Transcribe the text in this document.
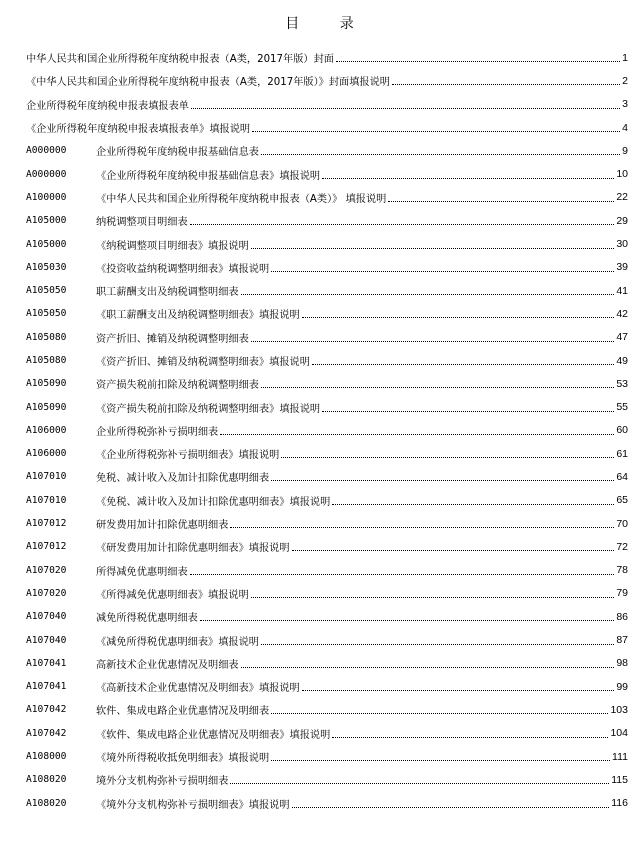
目 录
中华人民共和国企业所得税年度纳税申报表（A类，2017年版）封面	1
《中华人民共和国企业所得税年度纳税申报表（A类，2017年版）》封面填报说明	2
企业所得税年度纳税申报表填报表单	3
《企业所得税年度纳税申报表填报表单》填报说明	4
A000000	企业所得税年度纳税申报基础信息表	9
A000000	《企业所得税年度纳税申报基础信息表》填报说明	10
A100000	《中华人民共和国企业所得税年度纳税申报表（A类）》 填报说明	22
A105000	纳税调整项目明细表	29
A105000	《纳税调整项目明细表》填报说明	30
A105030	《投资收益纳税调整明细表》填报说明	39
A105050	职工薪酬支出及纳税调整明细表	41
A105050	《职工薪酬支出及纳税调整明细表》填报说明	42
A105080	资产折旧、摊销及纳税调整明细表	47
A105080	《资产折旧、摊销及纳税调整明细表》填报说明	49
A105090	资产损失税前扣除及纳税调整明细表	53
A105090	《资产损失税前扣除及纳税调整明细表》填报说明	55
A106000	企业所得税弥补亏损明细表	60
A106000	《企业所得税弥补亏损明细表》填报说明	61
A107010	免税、减计收入及加计扣除优惠明细表	64
A107010	《免税、减计收入及加计扣除优惠明细表》填报说明	65
A107012	研发费用加计扣除优惠明细表	70
A107012	《研发费用加计扣除优惠明细表》填报说明	72
A107020	所得减免优惠明细表	78
A107020	《所得减免优惠明细表》填报说明	79
A107040	减免所得税优惠明细表	86
A107040	《减免所得税优惠明细表》填报说明	87
A107041	高新技术企业优惠情况及明细表	98
A107041	《高新技术企业优惠情况及明细表》填报说明	99
A107042	软件、集成电路企业优惠情况及明细表	103
A107042	《软件、集成电路企业优惠情况及明细表》填报说明	104
A108000	《境外所得税收抵免明细表》填报说明	111
A108020	境外分支机构弥补亏损明细表	115
A108020	《境外分支机构弥补亏损明细表》填报说明	116
